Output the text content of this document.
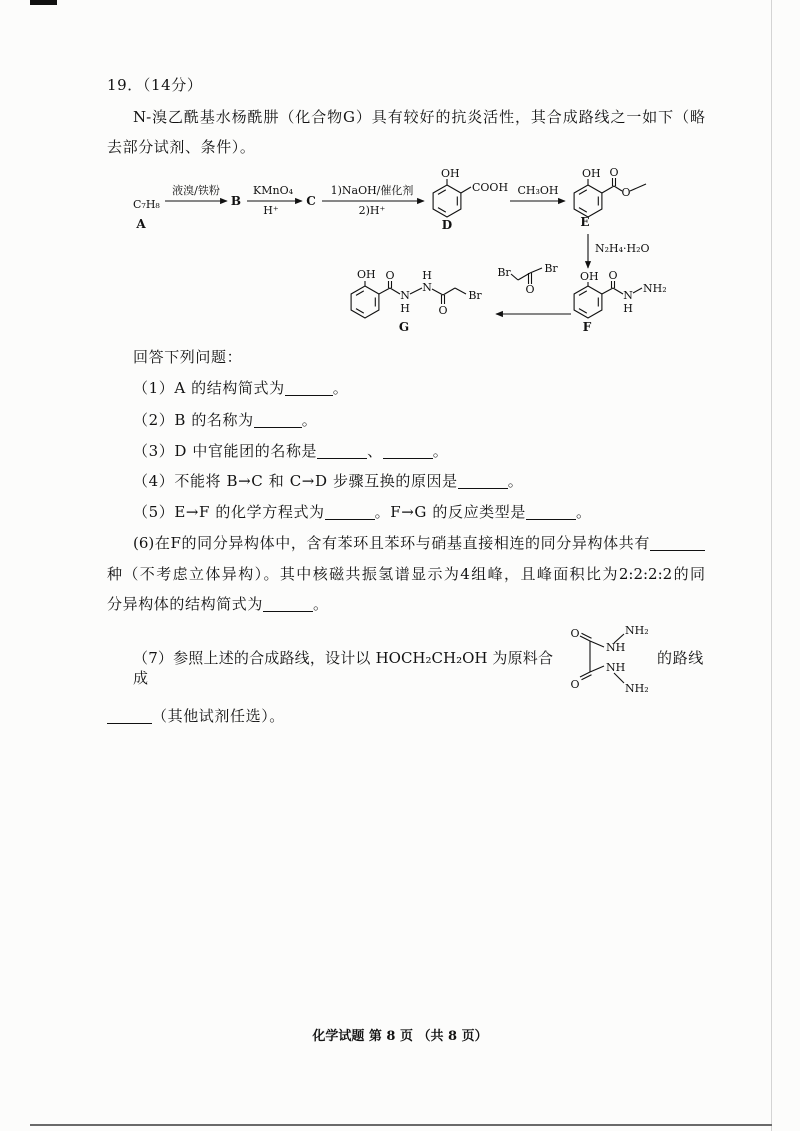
19．（14分）
N-溴乙酰基水杨酰肼（化合物G）具有较好的抗炎活性，其合成路线之一如下（略
去部分试剂、条件）。
C₇H₈
A
液溴/铁粉
B
KMnO₄
H⁺
C
1)NaOH/催化剂
2)H⁺
OH
COOH
D
CH₃OH
OH O
O
E
N₂H₄·H₂O
OH O
N
H
NH₂
F
Br
O
Br
OH O
N
H
N
H
O
Br
G
回答下列问题：
（1）A 的结构简式为	。
（2）B 的名称为	。
（3）D 中官能团的名称是	、	。
（4）不能将 B→C 和 C→D 步骤互换的原因是	。
（5）E→F 的化学方程式为	。F→G 的反应类型是	。
(6)在F的同分异构体中，含有苯环且苯环与硝基直接相连的同分异构体共有
种（不考虑立体异构）。其中核磁共振氢谱显示为4组峰，且峰面积比为2:2:2:2的同
分异构体的结构简式为	。
（7）参照上述的合成路线，设计以 HOCH₂CH₂OH 为原料合成
的路线
O
NH
NH₂
O
NH
NH₂
（其他试剂任选）。
化学试题 第 8 页 （共 8 页）
